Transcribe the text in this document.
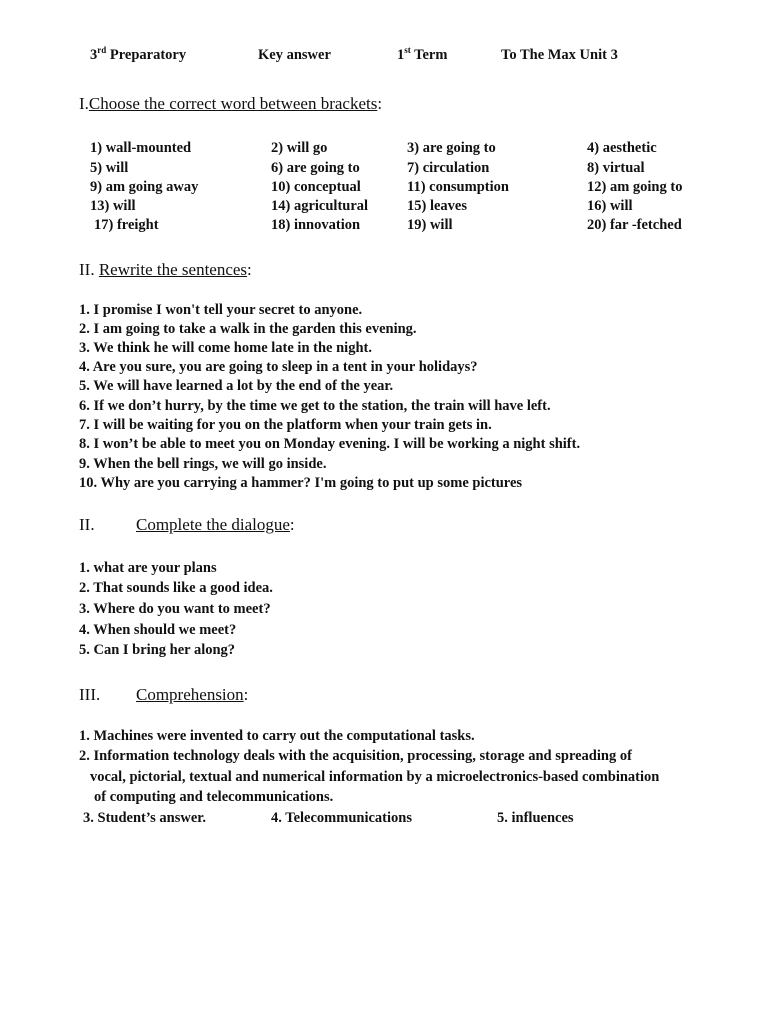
3rd Preparatory	Key answer	1st Term	To The Max Unit 3
I.Choose the correct word between brackets:
1) wall-mounted	2) will go	3) are going to	4) aesthetic
5) will	6) are going to	7) circulation	8) virtual
9) am going away	10) conceptual	11) consumption	12) am going to
13) will	14) agricultural	15) leaves	16) will
17) freight	18) innovation	19) will	20) far -fetched
II. Rewrite the sentences:
1. I promise I won't tell your secret to anyone.
2. I am going to take a walk in the garden this evening.
3. We think he will come home late in the night.
4. Are you sure, you are going to sleep in a tent in your holidays?
5. We will have learned a lot by the end of the year.
6. If we don’t hurry, by the time we get to the station, the train will have left.
7. I will be waiting for you on the platform when your train gets in.
8. I won’t be able to meet you on Monday evening. I will be working a night shift.
9. When the bell rings, we will go inside.
10. Why are you carrying a hammer? I'm going to put up some pictures
II. Complete the dialogue:
1. what are your plans
2. That sounds like a good idea.
3. Where do you want to meet?
4. When should we meet?
5. Can I bring her along?
III. Comprehension:
1. Machines were invented to carry out the computational tasks.
2. Information technology deals with the acquisition, processing, storage and spreading of
vocal, pictorial, textual and numerical information by a microelectronics-based combination
of computing and telecommunications.
3. Student’s answer.	4. Telecommunications	5. influences
